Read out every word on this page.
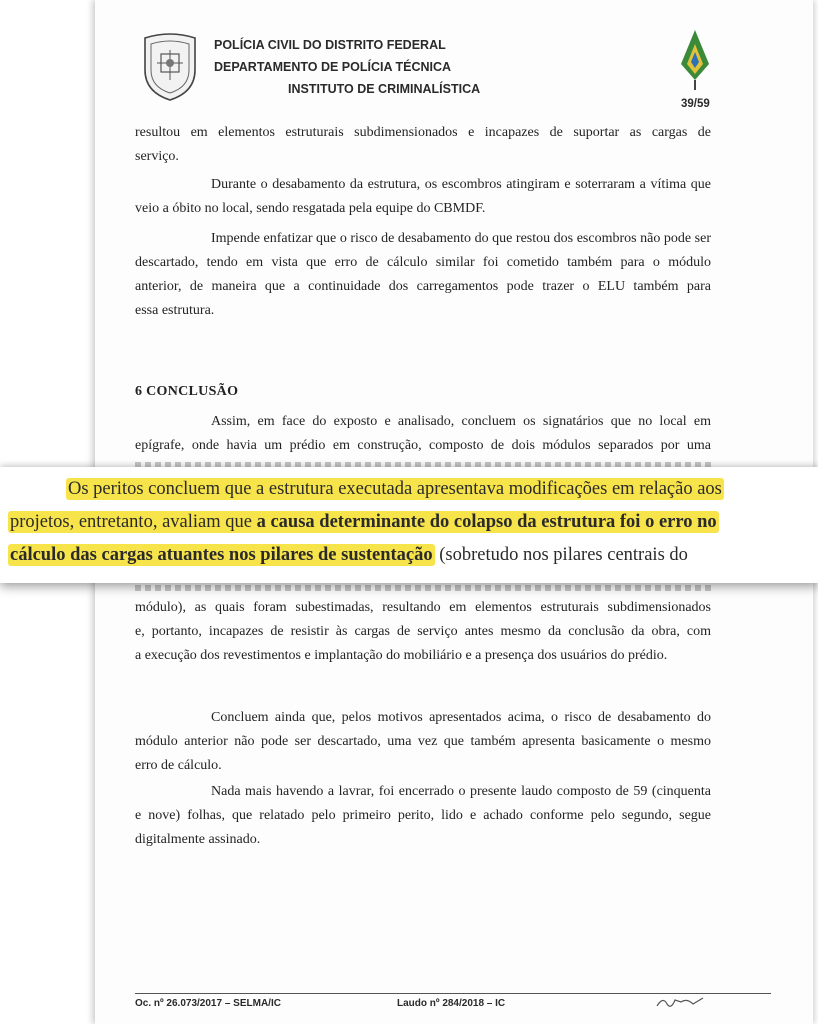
POLÍCIA CIVIL DO DISTRITO FEDERAL
DEPARTAMENTO DE POLÍCIA TÉCNICA
INSTITUTO DE CRIMINALÍSTICA
39/59

resultou em elementos estruturais subdimensionados e incapazes de suportar as cargas de

serviço.

Durante o desabamento da estrutura, os escombros atingiram e soterraram a vítima que

veio a óbito no local, sendo resgatada pela equipe do CBMDF.

Impende enfatizar que o risco de desabamento do que restou dos escombros não pode ser

descartado, tendo em vista que erro de cálculo similar foi cometido também para o módulo

anterior, de maneira que a continuidade dos carregamentos pode trazer o ELU também para

essa estrutura.

6 CONCLUSÃO

Assim, em face do exposto e analisado, concluem os signatários que no local em

epígrafe, onde havia um prédio em construção, composto de dois módulos separados por uma

módulo), as quais foram subestimadas, resultando em elementos estruturais subdimensionados

e, portanto, incapazes de resistir às cargas de serviço antes mesmo da conclusão da obra, com

a execução dos revestimentos e implantação do mobiliário e a presença dos usuários do prédio.

Concluem ainda que, pelos motivos apresentados acima, o risco de desabamento do

módulo anterior não pode ser descartado, uma vez que também apresenta basicamente o mesmo

erro de cálculo.

Nada mais havendo a lavrar, foi encerrado o presente laudo composto de 59 (cinquenta

e nove) folhas, que relatado pelo primeiro perito, lido e achado conforme pelo segundo, segue

digitalmente assinado.

Oc. nº 26.073/2017 – SELMA/IC	Laudo nº 284/2018 – IC
Os peritos concluem que a estrutura executada apresentava modificações em relação aos
projetos, entretanto, avaliam que a causa determinante do colapso da estrutura foi o erro no
cálculo das cargas atuantes nos pilares de sustentação (sobretudo nos pilares centrais do
